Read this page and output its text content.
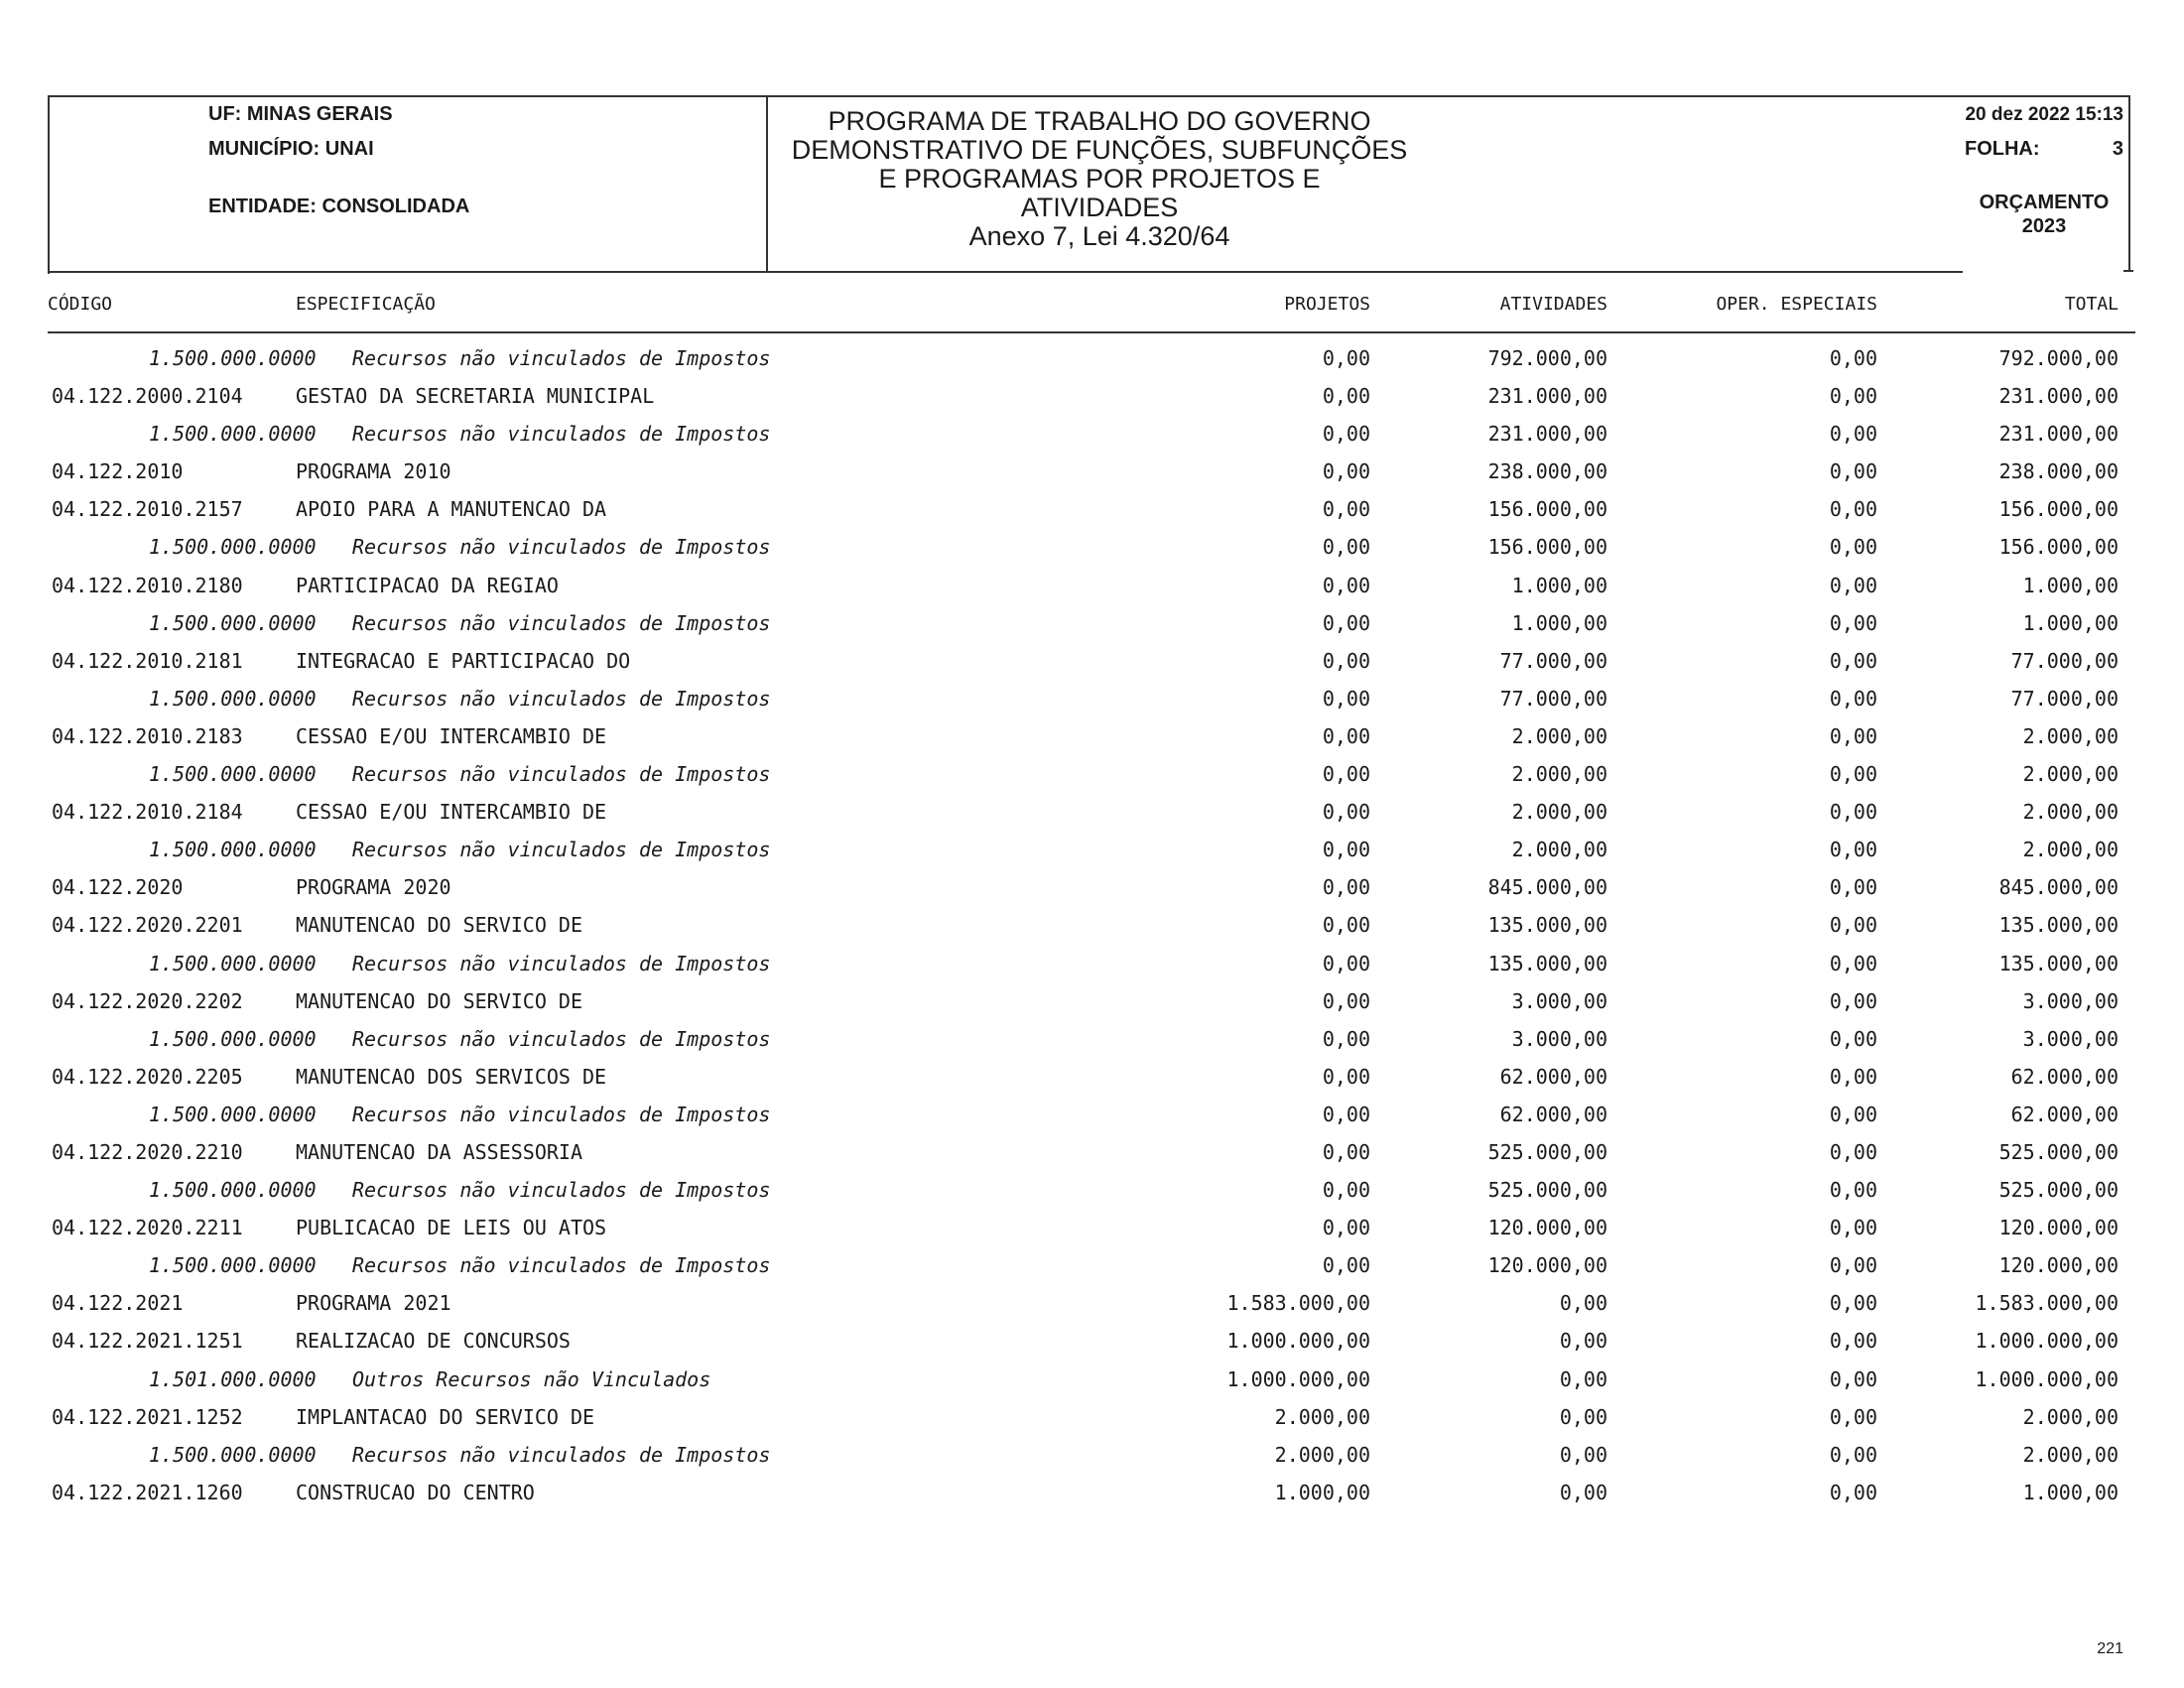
UF: MINAS GERAIS
MUNICÍPIO: UNAI
ENTIDADE: CONSOLIDADA
PROGRAMA DE TRABALHO DO GOVERNO
DEMONSTRATIVO DE FUNÇÕES, SUBFUNÇÕES
E PROGRAMAS POR PROJETOS E
ATIVIDADES
Anexo 7, Lei 4.320/64
20 dez 2022 15:13
FOLHA:	3
ORÇAMENTO
2023
CÓDIGO	ESPECIFICAÇÃO	PROJETOS	ATIVIDADES	OPER. ESPECIAIS	TOTAL
1.500.000.0000 Recursos não vinculados de Impostos	0,00	792.000,00	0,00	792.000,00
04.122.2000.2104	GESTAO DA SECRETARIA MUNICIPAL	0,00	231.000,00	0,00	231.000,00
1.500.000.0000 Recursos não vinculados de Impostos	0,00	231.000,00	0,00	231.000,00
04.122.2010	PROGRAMA 2010	0,00	238.000,00	0,00	238.000,00
04.122.2010.2157	APOIO PARA A MANUTENCAO DA	0,00	156.000,00	0,00	156.000,00
1.500.000.0000 Recursos não vinculados de Impostos	0,00	156.000,00	0,00	156.000,00
04.122.2010.2180	PARTICIPACAO DA REGIAO	0,00	1.000,00	0,00	1.000,00
1.500.000.0000 Recursos não vinculados de Impostos	0,00	1.000,00	0,00	1.000,00
04.122.2010.2181	INTEGRACAO E PARTICIPACAO DO	0,00	77.000,00	0,00	77.000,00
1.500.000.0000 Recursos não vinculados de Impostos	0,00	77.000,00	0,00	77.000,00
04.122.2010.2183	CESSAO E/OU INTERCAMBIO DE	0,00	2.000,00	0,00	2.000,00
1.500.000.0000 Recursos não vinculados de Impostos	0,00	2.000,00	0,00	2.000,00
04.122.2010.2184	CESSAO E/OU INTERCAMBIO DE	0,00	2.000,00	0,00	2.000,00
1.500.000.0000 Recursos não vinculados de Impostos	0,00	2.000,00	0,00	2.000,00
04.122.2020	PROGRAMA 2020	0,00	845.000,00	0,00	845.000,00
04.122.2020.2201	MANUTENCAO DO SERVICO DE	0,00	135.000,00	0,00	135.000,00
1.500.000.0000 Recursos não vinculados de Impostos	0,00	135.000,00	0,00	135.000,00
04.122.2020.2202	MANUTENCAO DO SERVICO DE	0,00	3.000,00	0,00	3.000,00
1.500.000.0000 Recursos não vinculados de Impostos	0,00	3.000,00	0,00	3.000,00
04.122.2020.2205	MANUTENCAO DOS SERVICOS DE	0,00	62.000,00	0,00	62.000,00
1.500.000.0000 Recursos não vinculados de Impostos	0,00	62.000,00	0,00	62.000,00
04.122.2020.2210	MANUTENCAO DA ASSESSORIA	0,00	525.000,00	0,00	525.000,00
1.500.000.0000 Recursos não vinculados de Impostos	0,00	525.000,00	0,00	525.000,00
04.122.2020.2211	PUBLICACAO DE LEIS OU ATOS	0,00	120.000,00	0,00	120.000,00
1.500.000.0000 Recursos não vinculados de Impostos	0,00	120.000,00	0,00	120.000,00
04.122.2021	PROGRAMA 2021	1.583.000,00	0,00	0,00	1.583.000,00
04.122.2021.1251	REALIZACAO DE CONCURSOS	1.000.000,00	0,00	0,00	1.000.000,00
1.501.000.0000 Outros Recursos não Vinculados	1.000.000,00	0,00	0,00	1.000.000,00
04.122.2021.1252	IMPLANTACAO DO SERVICO DE	2.000,00	0,00	0,00	2.000,00
1.500.000.0000 Recursos não vinculados de Impostos	2.000,00	0,00	0,00	2.000,00
04.122.2021.1260	CONSTRUCAO DO CENTRO	1.000,00	0,00	0,00	1.000,00
221
